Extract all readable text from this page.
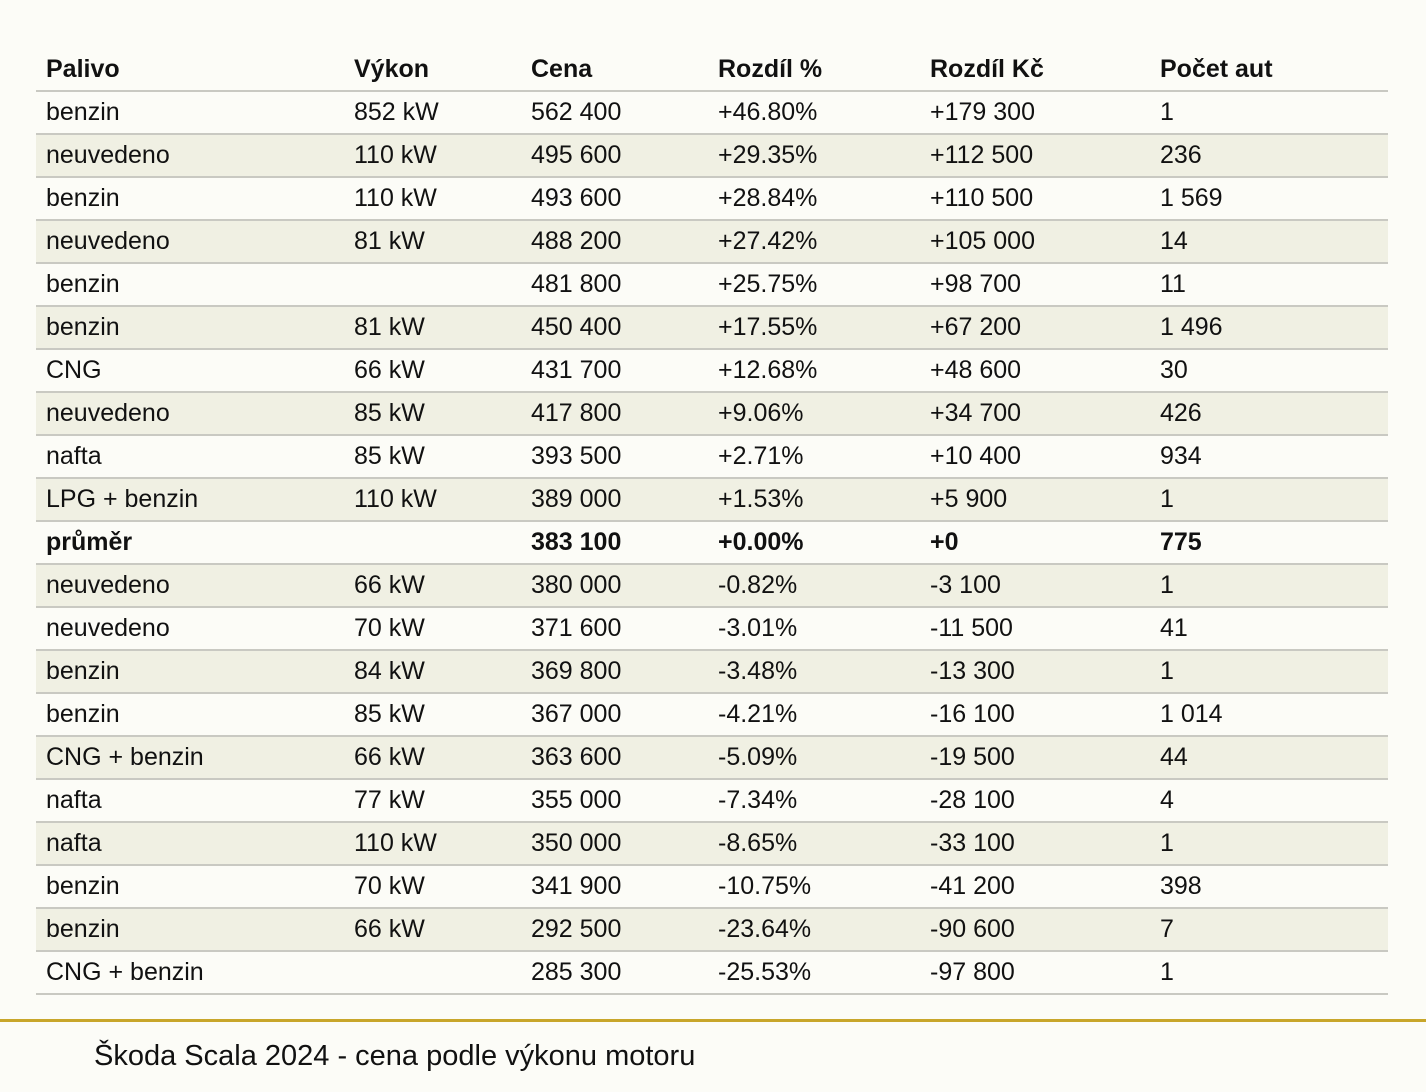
Palivo	Výkon	Cena	Rozdíl %	Rozdíl Kč	Počet aut
benzin	852 kW	562 400	+46.80%	+179 300	1
neuvedeno	110 kW	495 600	+29.35%	+112 500	236
benzin	110 kW	493 600	+28.84%	+110 500	1 569
neuvedeno	81 kW	488 200	+27.42%	+105 000	14
benzin		481 800	+25.75%	+98 700	11
benzin	81 kW	450 400	+17.55%	+67 200	1 496
CNG	66 kW	431 700	+12.68%	+48 600	30
neuvedeno	85 kW	417 800	+9.06%	+34 700	426
nafta	85 kW	393 500	+2.71%	+10 400	934
LPG + benzin	110 kW	389 000	+1.53%	+5 900	1
průměr		383 100	+0.00%	+0	775
neuvedeno	66 kW	380 000	-0.82%	-3 100	1
neuvedeno	70 kW	371 600	-3.01%	-11 500	41
benzin	84 kW	369 800	-3.48%	-13 300	1
benzin	85 kW	367 000	-4.21%	-16 100	1 014
CNG + benzin	66 kW	363 600	-5.09%	-19 500	44
nafta	77 kW	355 000	-7.34%	-28 100	4
nafta	110 kW	350 000	-8.65%	-33 100	1
benzin	70 kW	341 900	-10.75%	-41 200	398
benzin	66 kW	292 500	-23.64%	-90 600	7
CNG + benzin		285 300	-25.53%	-97 800	1
Škoda Scala 2024 - cena podle výkonu motoru
